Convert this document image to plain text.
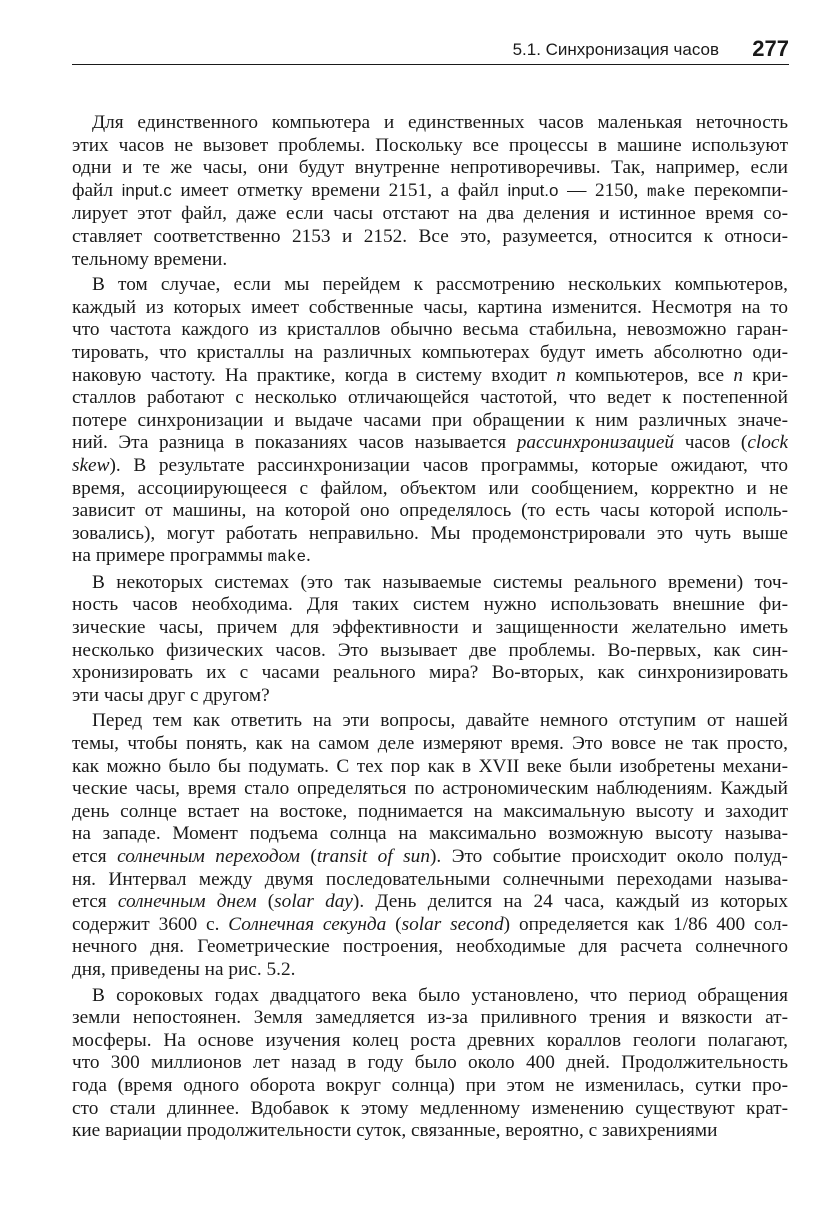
5.1. Синхронизация часов 277
Для единственного компьютера и единственных часов маленькая неточность
этих часов не вызовет проблемы. Поскольку все процессы в машине используют
одни и те же часы, они будут внутренне непротиворечивы. Так, например, если
файл input.c имеет отметку времени 2151, а файл input.o — 2150, make перекомпи-
лирует этот файл, даже если часы отстают на два деления и истинное время со-
ставляет соответственно 2153 и 2152. Все это, разумеется, относится к относи-
тельному времени.
В том случае, если мы перейдем к рассмотрению нескольких компьютеров,
каждый из которых имеет собственные часы, картина изменится. Несмотря на то
что частота каждого из кристаллов обычно весьма стабильна, невозможно гаран-
тировать, что кристаллы на различных компьютерах будут иметь абсолютно оди-
наковую частоту. На практике, когда в систему входит n компьютеров, все n кри-
сталлов работают с несколько отличающейся частотой, что ведет к постепенной
потере синхронизации и выдаче часами при обращении к ним различных значе-
ний. Эта разница в показаниях часов называется рассинхронизацией часов (clock
skew). В результате рассинхронизации часов программы, которые ожидают, что
время, ассоциирующееся с файлом, объектом или сообщением, корректно и не
зависит от машины, на которой оно определялось (то есть часы которой исполь-
зовались), могут работать неправильно. Мы продемонстрировали это чуть выше
на примере программы make.
В некоторых системах (это так называемые системы реального времени) точ-
ность часов необходима. Для таких систем нужно использовать внешние фи-
зические часы, причем для эффективности и защищенности желательно иметь
несколько физических часов. Это вызывает две проблемы. Во-первых, как син-
хронизировать их с часами реального мира? Во-вторых, как синхронизировать
эти часы друг с другом?
Перед тем как ответить на эти вопросы, давайте немного отступим от нашей
темы, чтобы понять, как на самом деле измеряют время. Это вовсе не так просто,
как можно было бы подумать. С тех пор как в XVII веке были изобретены механи-
ческие часы, время стало определяться по астрономическим наблюдениям. Каждый
день солнце встает на востоке, поднимается на максимальную высоту и заходит
на западе. Момент подъема солнца на максимально возможную высоту называ-
ется солнечным переходом (transit of sun). Это событие происходит около полуд-
ня. Интервал между двумя последовательными солнечными переходами называ-
ется солнечным днем (solar day). День делится на 24 часа, каждый из которых
содержит 3600 с. Солнечная секунда (solar second) определяется как 1/86 400 сол-
нечного дня. Геометрические построения, необходимые для расчета солнечного
дня, приведены на рис. 5.2.
В сороковых годах двадцатого века было установлено, что период обращения
земли непостоянен. Земля замедляется из-за приливного трения и вязкости ат-
мосферы. На основе изучения колец роста древних кораллов геологи полагают,
что 300 миллионов лет назад в году было около 400 дней. Продолжительность
года (время одного оборота вокруг солнца) при этом не изменилась, сутки про-
сто стали длиннее. Вдобавок к этому медленному изменению существуют крат-
кие вариации продолжительности суток, связанные, вероятно, с завихрениями
